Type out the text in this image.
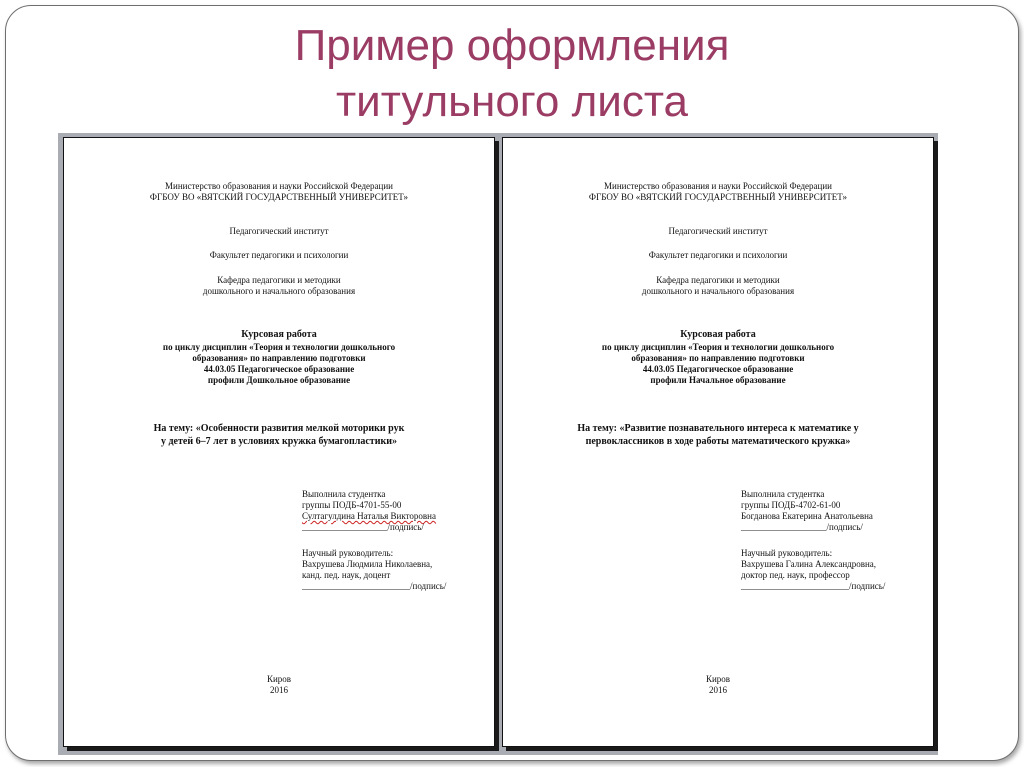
Пример оформления
титульного листа
Министерство образования и науки Российской Федерации
ФГБОУ ВО «ВЯТСКИЙ ГОСУДАРСТВЕННЫЙ УНИВЕРСИТЕТ»
Педагогический институт
Факультет педагогики и психологии
Кафедра педагогики и методики
дошкольного и начального образования
Курсовая работа
по циклу дисциплин «Теория и технологии дошкольного
образования» по направлению подготовки
44.03.05 Педагогическое образование
профили Дошкольное образование
На тему: «Особенности развития мелкой моторики рук
у детей 6–7 лет в условиях кружка бумагопластики»
Выполнила студентка
группы ПОДБ-4701-55-00
Султагулдина Наталья Викторовна
___________________/подпись/
Научный руководитель:
Вахрушева Людмила Николаевна,
канд. пед. наук, доцент
________________________/подпись/
Киров
2016
Министерство образования и науки Российской Федерации
ФГБОУ ВО «ВЯТСКИЙ ГОСУДАРСТВЕННЫЙ УНИВЕРСИТЕТ»
Педагогический институт
Факультет педагогики и психологии
Кафедра педагогики и методики
дошкольного и начального образования
Курсовая работа
по циклу дисциплин «Теория и технологии дошкольного
образования» по направлению подготовки
44.03.05 Педагогическое образование
профили Начальное образование
На тему: «Развитие познавательного интереса к математике у
первоклассников в ходе работы математического кружка»
Выполнила студентка
группы ПОДБ-4702-61-00
Богданова Екатерина Анатольевна
___________________/подпись/
Научный руководитель:
Вахрушева Галина Александровна,
доктор пед. наук, профессор
________________________/подпись/
Киров
2016
